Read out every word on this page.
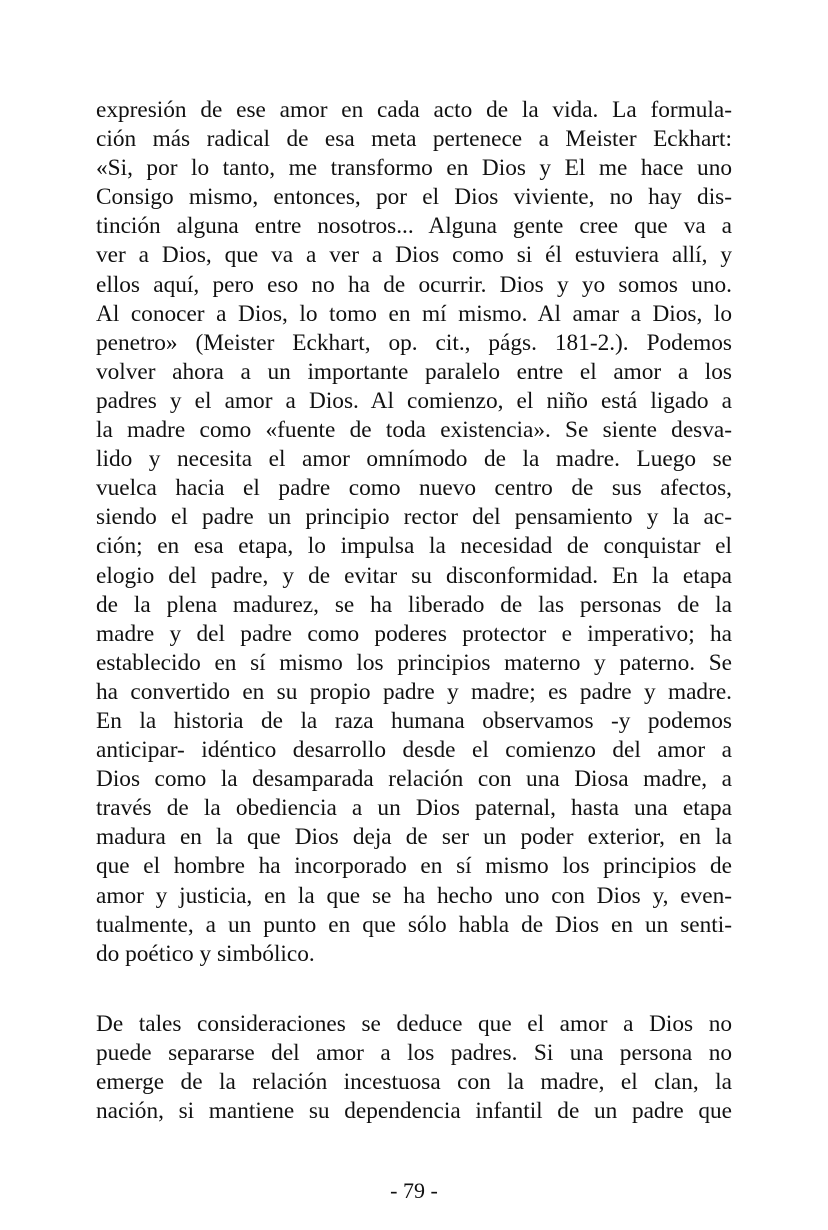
expresión de ese amor en cada acto de la vida. La formula-
ción más radical de esa meta pertenece a Meister Eckhart:
«Si, por lo tanto, me transformo en Dios y El me hace uno
Consigo mismo, entonces, por el Dios viviente, no hay dis-
tinción alguna entre nosotros... Alguna gente cree que va a
ver a Dios, que va a ver a Dios como si él estuviera allí, y
ellos aquí, pero eso no ha de ocurrir. Dios y yo somos uno.
Al conocer a Dios, lo tomo en mí mismo. Al amar a Dios, lo
penetro» (Meister Eckhart, op. cit., págs. 181-2.). Podemos
volver ahora a un importante paralelo entre el amor a los
padres y el amor a Dios. Al comienzo, el niño está ligado a
la madre como «fuente de toda existencia». Se siente desva-
lido y necesita el amor omnímodo de la madre. Luego se
vuelca hacia el padre como nuevo centro de sus afectos,
siendo el padre un principio rector del pensamiento y la ac-
ción; en esa etapa, lo impulsa la necesidad de conquistar el
elogio del padre, y de evitar su disconformidad. En la etapa
de la plena madurez, se ha liberado de las personas de la
madre y del padre como poderes protector e imperativo; ha
establecido en sí mismo los principios materno y paterno. Se
ha convertido en su propio padre y madre; es padre y madre.
En la historia de la raza humana observamos -y podemos
anticipar- idéntico desarrollo desde el comienzo del amor a
Dios como la desamparada relación con una Diosa madre, a
través de la obediencia a un Dios paternal, hasta una etapa
madura en la que Dios deja de ser un poder exterior, en la
que el hombre ha incorporado en sí mismo los principios de
amor y justicia, en la que se ha hecho uno con Dios y, even-
tualmente, a un punto en que sólo habla de Dios en un senti-
do poético y simbólico.
De tales consideraciones se deduce que el amor a Dios no
puede separarse del amor a los padres. Si una persona no
emerge de la relación incestuosa con la madre, el clan, la
nación, si mantiene su dependencia infantil de un padre que
- 79 -
